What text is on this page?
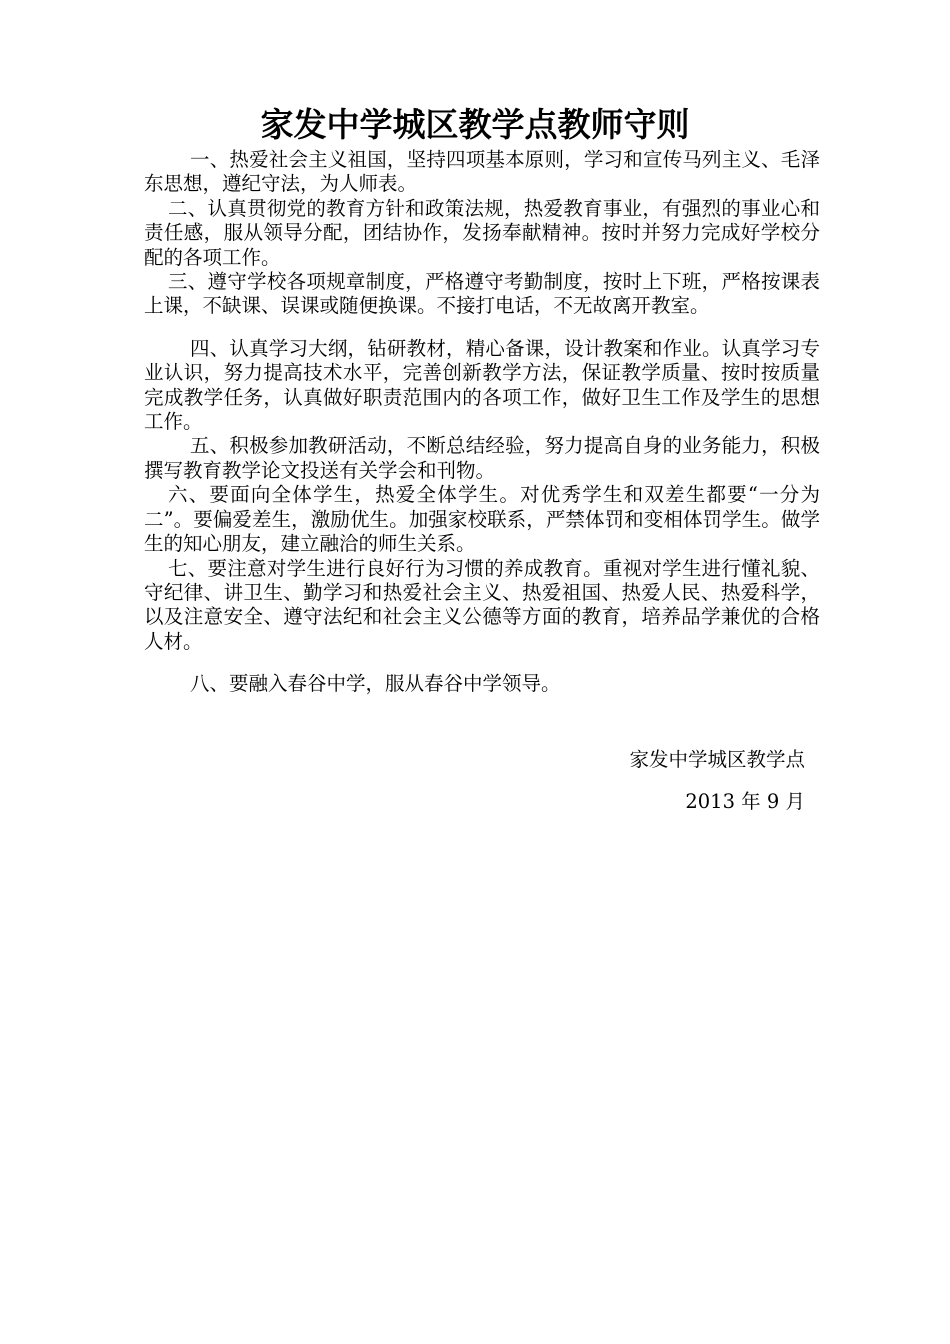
家发中学城区教学点教师守则

一、热爱社会主义祖国，坚持四项基本原则，学习和宣传马列主义、毛泽东思想，遵纪守法，为人师表。

二、认真贯彻党的教育方针和政策法规，热爱教育事业，有强烈的事业心和责任感，服从领导分配，团结协作，发扬奉献精神。按时并努力完成好学校分配的各项工作。

三、遵守学校各项规章制度，严格遵守考勤制度，按时上下班，严格按课表上课，不缺课、误课或随便换课。不接打电话，不无故离开教室。

四、认真学习大纲，钻研教材，精心备课，设计教案和作业。认真学习专业认识，努力提高技术水平，完善创新教学方法，保证教学质量、按时按质量完成教学任务，认真做好职责范围内的各项工作，做好卫生工作及学生的思想工作。

五、积极参加教研活动，不断总结经验，努力提高自身的业务能力，积极撰写教育教学论文投送有关学会和刊物。

六、要面向全体学生，热爱全体学生。对优秀学生和双差生都要“一分为二”。要偏爱差生，激励优生。加强家校联系，严禁体罚和变相体罚学生。做学生的知心朋友，建立融洽的师生关系。

七、要注意对学生进行良好行为习惯的养成教育。重视对学生进行懂礼貌、守纪律、讲卫生、勤学习和热爱社会主义、热爱祖国、热爱人民、热爱科学，以及注意安全、遵守法纪和社会主义公德等方面的教育，培养品学兼优的合格人材。

八、要融入春谷中学，服从春谷中学领导。

家发中学城区教学点
2013 年 9 月
